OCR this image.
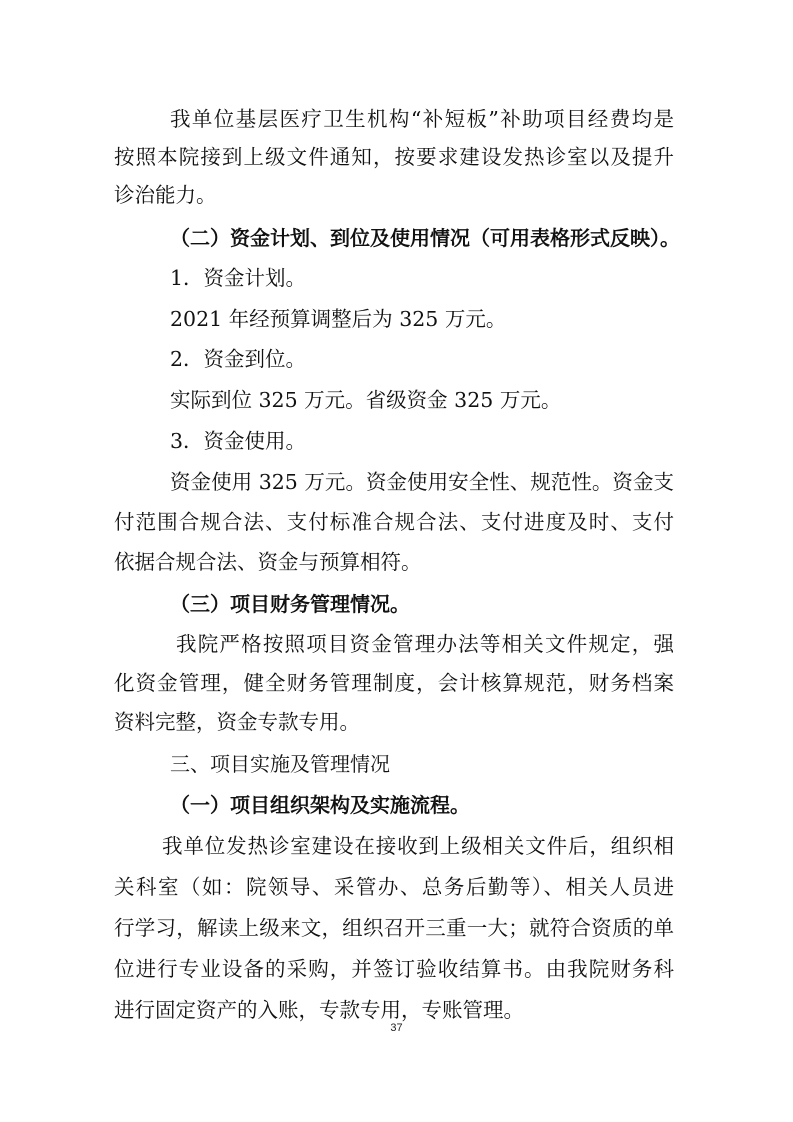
我单位基层医疗卫生机构“补短板”补助项目经费均是
按照本院接到上级文件通知，按要求建设发热诊室以及提升
诊治能力。
（二）资金计划、到位及使用情况（可用表格形式反映）。
1．资金计划。
2021 年经预算调整后为 325 万元。
2．资金到位。
实际到位 325 万元。省级资金 325 万元。
3．资金使用。
资金使用 325 万元。资金使用安全性、规范性。资金支
付范围合规合法、支付标准合规合法、支付进度及时、支付
依据合规合法、资金与预算相符。
（三）项目财务管理情况。
我院严格按照项目资金管理办法等相关文件规定，强
化资金管理，健全财务管理制度，会计核算规范，财务档案
资料完整，资金专款专用。
三、项目实施及管理情况
（一）项目组织架构及实施流程。
我单位发热诊室建设在接收到上级相关文件后，组织相
关科室（如：院领导、采管办、总务后勤等）、相关人员进
行学习，解读上级来文，组织召开三重一大；就符合资质的单
位进行专业设备的采购，并签订验收结算书。由我院财务科
进行固定资产的入账，专款专用，专账管理。
37
